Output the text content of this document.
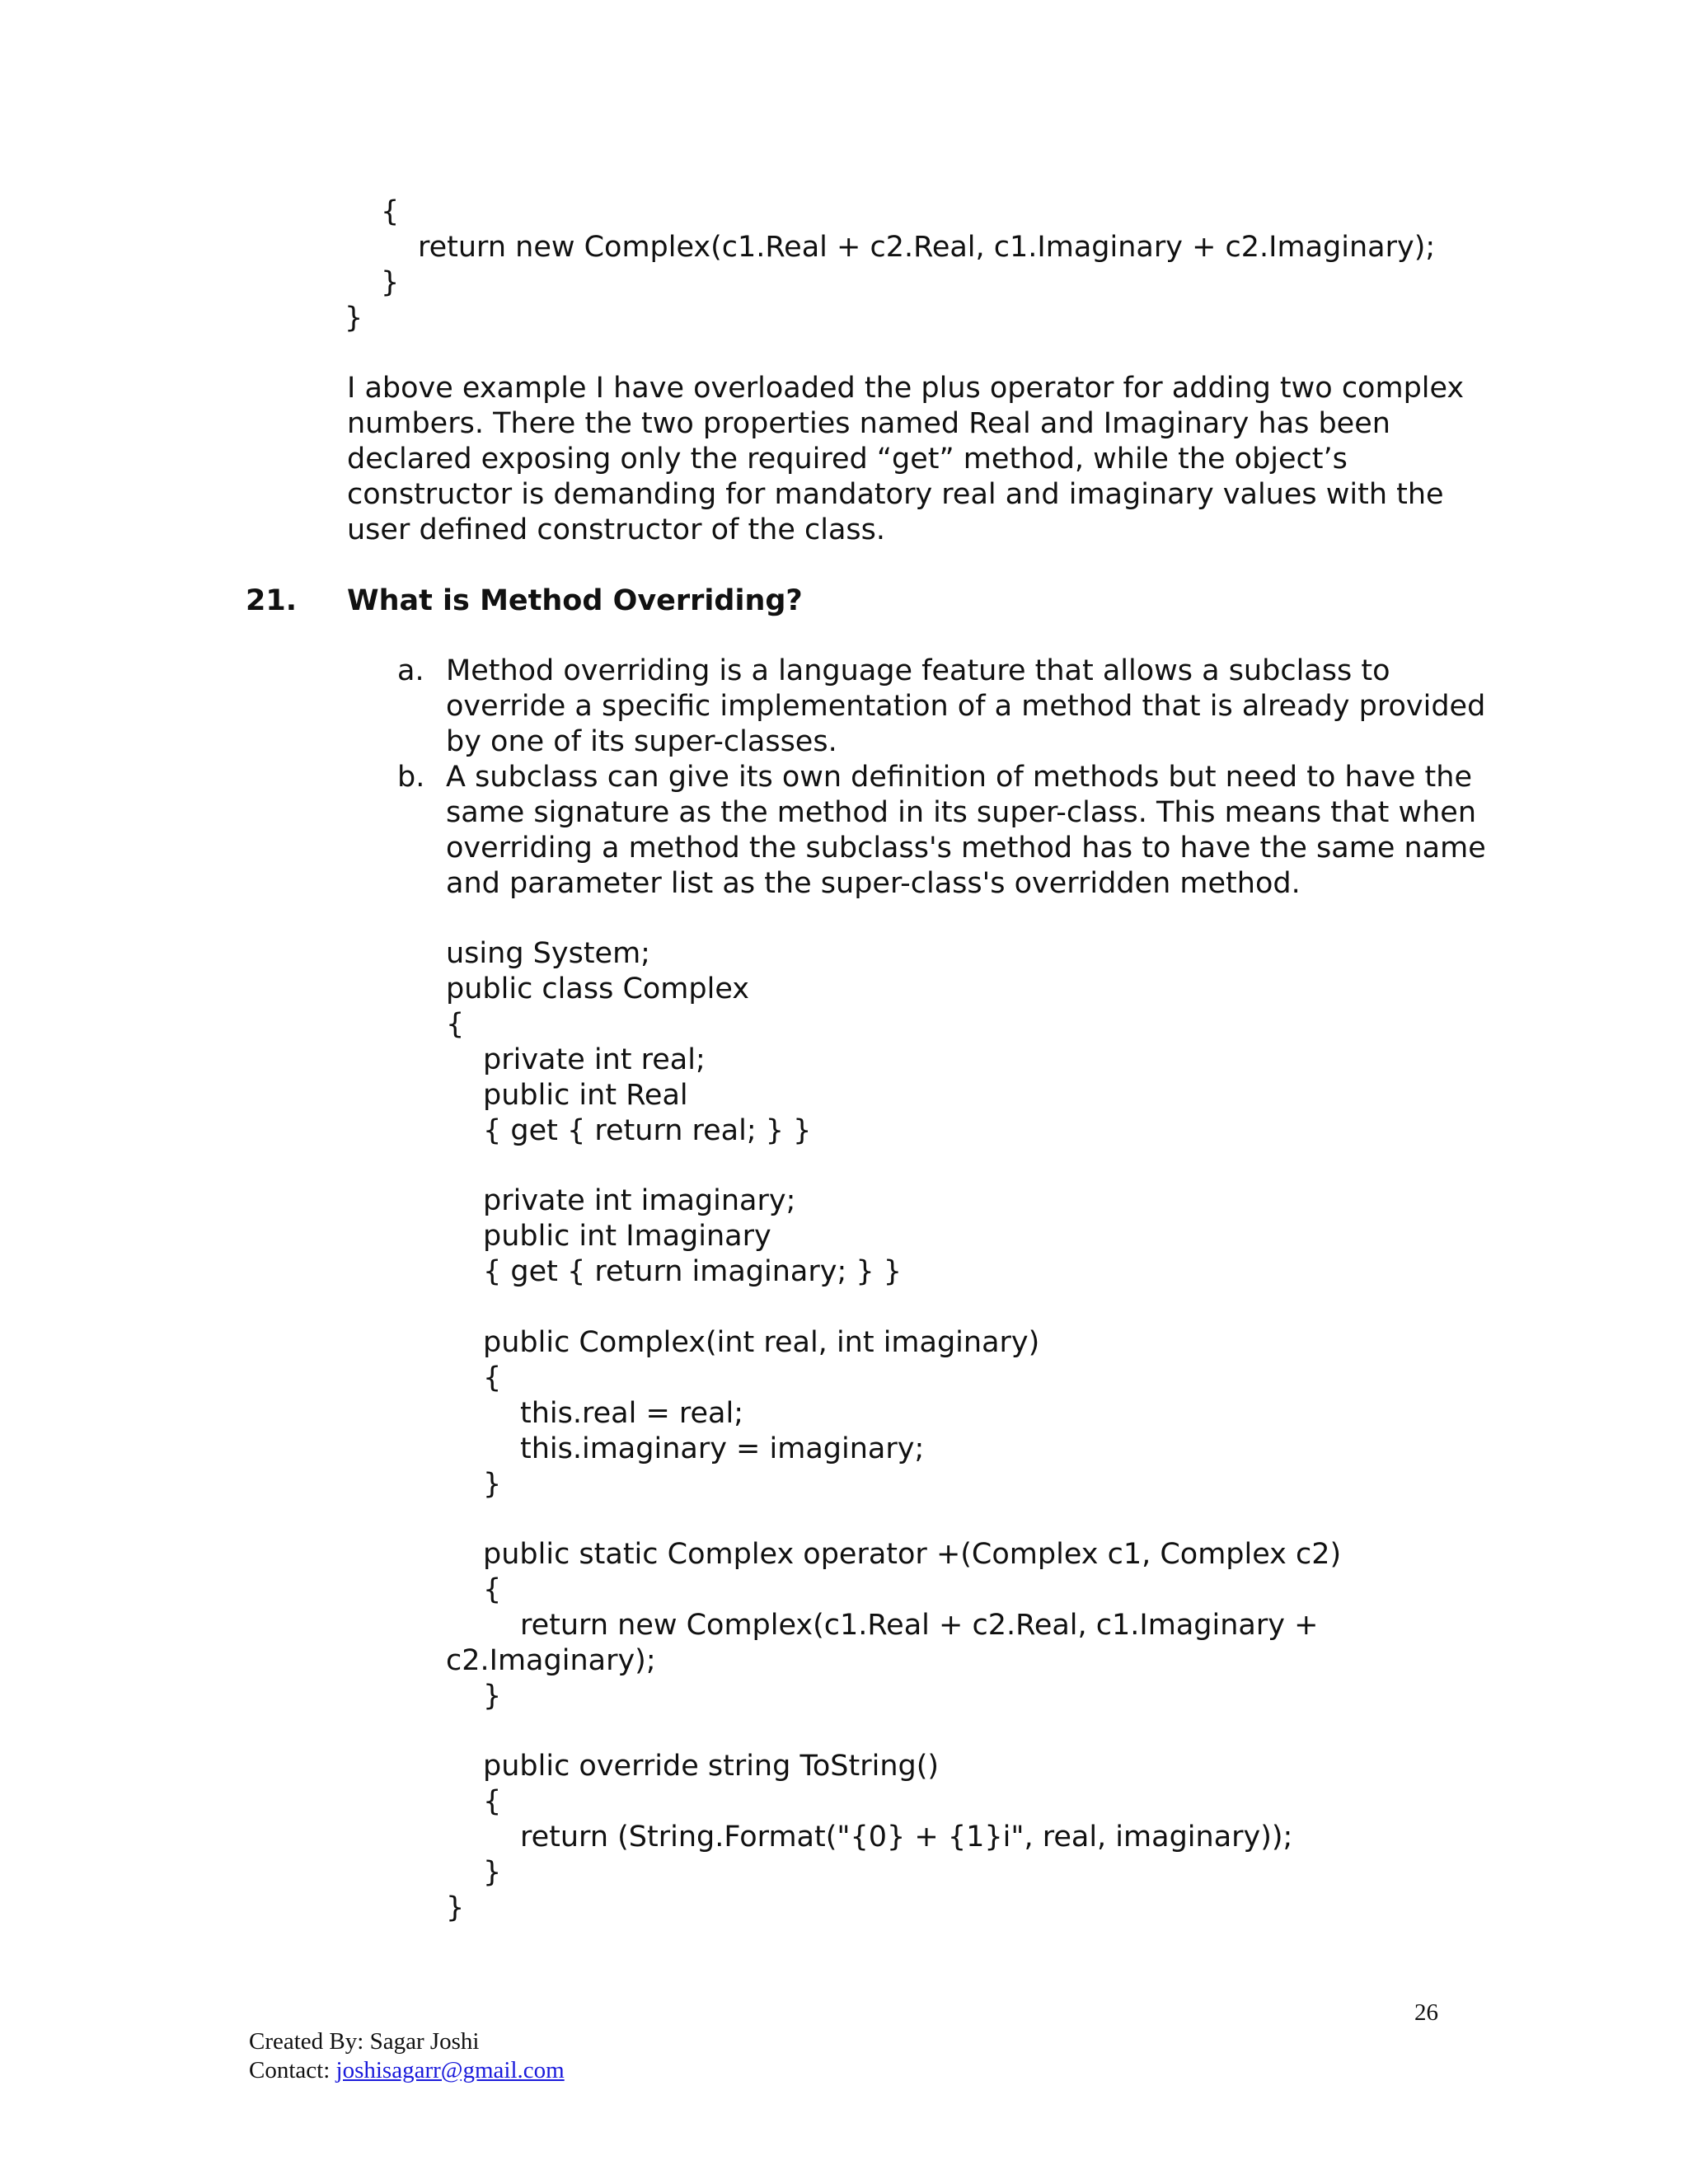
{
return new Complex(c1.Real + c2.Real, c1.Imaginary + c2.Imaginary);
}
}
I above example I have overloaded the plus operator for adding two complex
numbers. There the two properties named Real and Imaginary has been
declared exposing only the required “get” method, while the object’s
constructor is demanding for mandatory real and imaginary values with the
user defined constructor of the class.
21. What is Method Overriding?
a. Method overriding is a language feature that allows a subclass to
override a specific implementation of a method that is already provided
by one of its super-classes.
b. A subclass can give its own definition of methods but need to have the
same signature as the method in its super-class. This means that when
overriding a method the subclass's method has to have the same name
and parameter list as the super-class's overridden method.
using System;
public class Complex
{
private int real;
public int Real
{ get { return real; } }
private int imaginary;
public int Imaginary
{ get { return imaginary; } }
public Complex(int real, int imaginary)
{
this.real = real;
this.imaginary = imaginary;
}
public static Complex operator +(Complex c1, Complex c2)
{
return new Complex(c1.Real + c2.Real, c1.Imaginary +
c2.Imaginary);
}
public override string ToString()
{
return (String.Format("{0} + {1}i", real, imaginary));
}
}
26
Created By: Sagar Joshi
Contact: joshisagarr@gmail.com
